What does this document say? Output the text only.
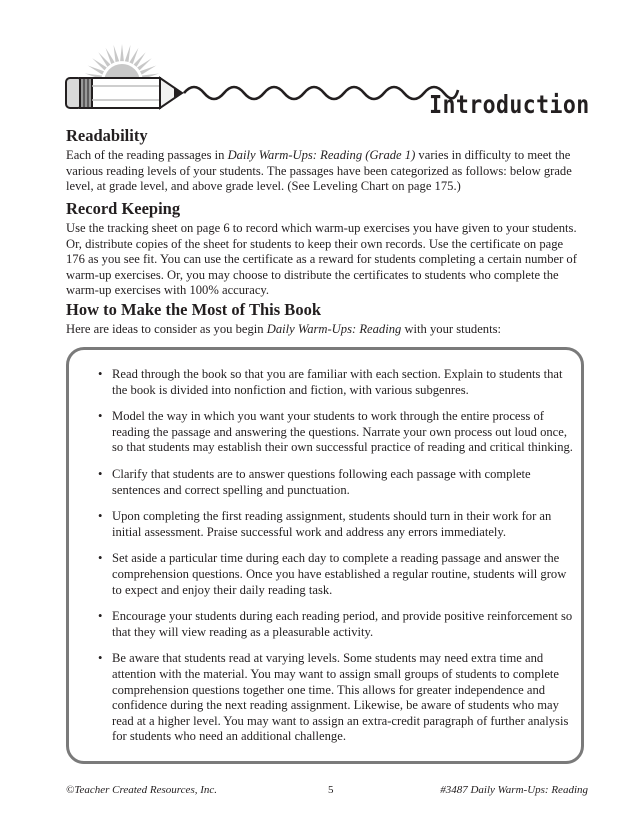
Introduction
Readability

Each of the reading passages in Daily Warm-Ups: Reading (Grade 1) varies in difficulty to meet the various reading levels of your students. The passages have been categorized as follows: below grade level, at grade level, and above grade level. (See Leveling Chart on page 175.)

Record Keeping

Use the tracking sheet on page 6 to record which warm-up exercises you have given to your students. Or, distribute copies of the sheet for students to keep their own records. Use the certificate on page 176 as you see fit. You can use the certificate as a reward for students completing a certain number of warm-up exercises. Or, you may choose to distribute the certificates to students who complete the warm-up exercises with 100% accuracy.

How to Make the Most of This Book

Here are ideas to consider as you begin Daily Warm-Ups: Reading with your students:

• Read through the book so that you are familiar with each section. Explain to students that the book is divided into nonfiction and fiction, with various subgenres.
• Model the way in which you want your students to work through the entire process of reading the passage and answering the questions. Narrate your own process out loud once, so that students may establish their own successful practice of reading and critical thinking.
• Clarify that students are to answer questions following each passage with complete sentences and correct spelling and punctuation.
• Upon completing the first reading assignment, students should turn in their work for an initial assessment. Praise successful work and address any errors immediately.
• Set aside a particular time during each day to complete a reading passage and answer the comprehension questions. Once you have established a regular routine, students will grow to expect and enjoy their daily reading task.
• Encourage your students during each reading period, and provide positive reinforcement so that they will view reading as a pleasurable activity.
• Be aware that students read at varying levels. Some students may need extra time and attention with the material. You may want to assign small groups of students to complete comprehension questions together one time. This allows for greater independence and confidence during the next reading assignment. Likewise, be aware of students who may read at a higher level. You may want to assign an extra-credit paragraph of further analysis for students who need an additional challenge.
©Teacher Created Resources, Inc.	5	#3487 Daily Warm-Ups: Reading
